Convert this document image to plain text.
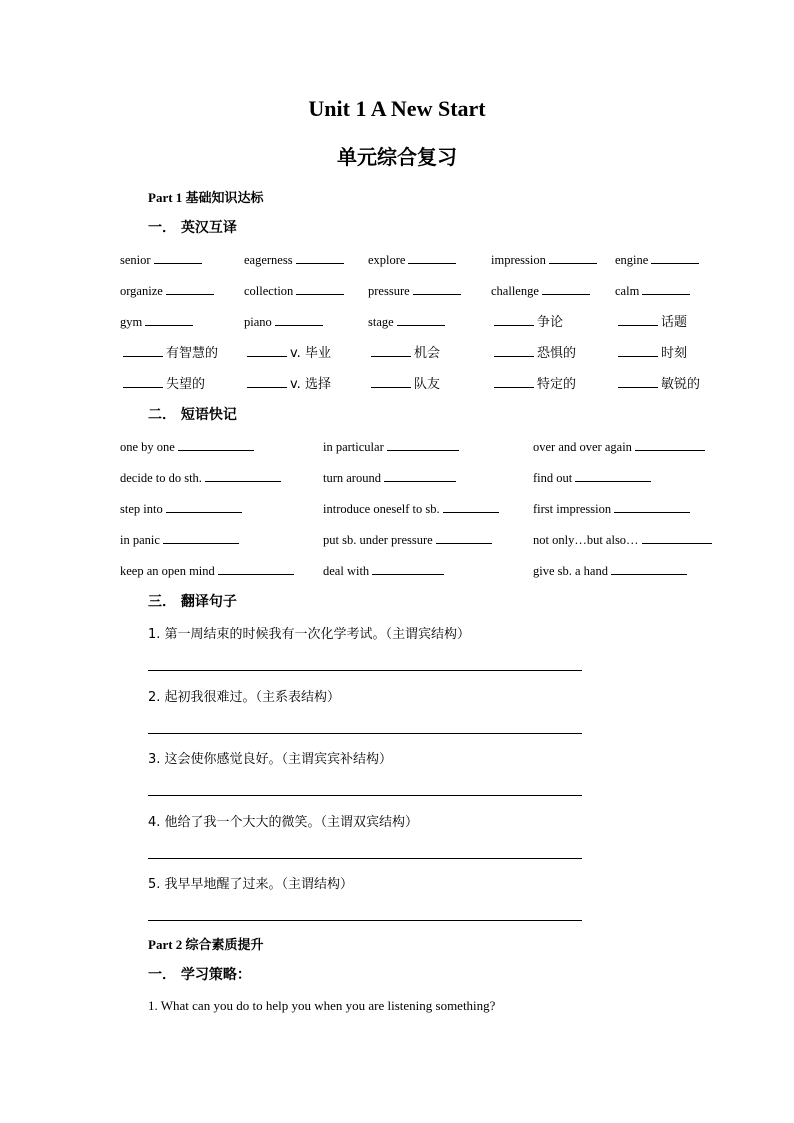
Unit 1 A New Start
单元综合复习
Part 1 基础知识达标
一． 英汉互译
senior	eagerness	explore	impression	engine
organize	collection	pressure	challenge	calm
gym	piano	stage	争论	话题
有智慧的	v. 毕业	机会	恐惧的	时刻
失望的	v. 选择	队友	特定的	敏锐的
二． 短语快记
one by one	in particular	over and over again
decide to do sth.	turn around	find out
step into	introduce oneself to sb.	first impression
in panic	put sb. under pressure	not only…but also…
keep an open mind	deal with	give sb. a hand
三． 翻译句子
1. 第一周结束的时候我有一次化学考试。（主谓宾结构）
2. 起初我很难过。（主系表结构）
3. 这会使你感觉良好。（主谓宾宾补结构）
4. 他给了我一个大大的微笑。（主谓双宾结构）
5. 我早早地醒了过来。（主谓结构）
Part 2 综合素质提升
一． 学习策略：
1. What can you do to help you when you are listening something?
